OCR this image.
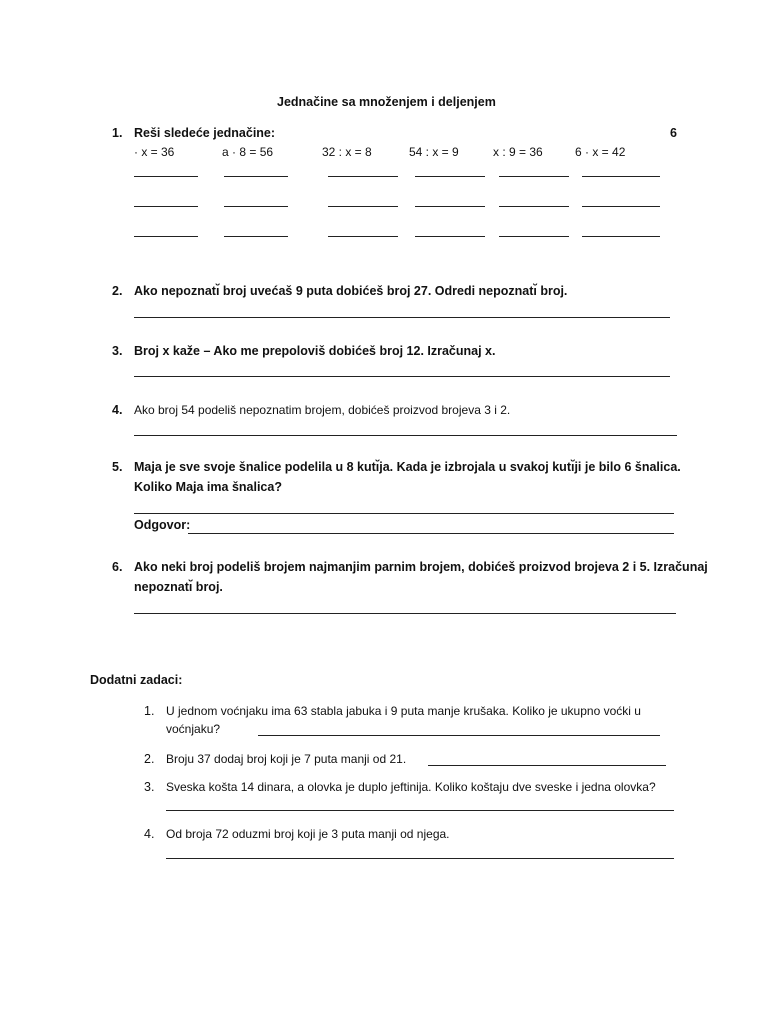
Jednačine sa množenjem i deljenjem
1. Reši sledeće jednačine:	6
· x = 36	a · 8 = 56	32 : x = 8	54 : x = 9	x : 9 = 36	6 · x = 42
2. Ako nepoznatı̆ broj uvećaš 9 puta dobićeš broj 27. Odredi nepoznatı̆ broj.
3. Broj x kaže – Ako me prepoloviš dobićeš broj 12. Izračunaj x.
4. Ako broj 54 podeliš nepoznatim brojem, dobićeš proizvod brojeva 3 i 2.
5. Maja je sve svoje šnalice podelila u 8 kutı̆ja. Kada je izbrojala u svakoj kutı̆ji je bilo 6 šnalica.
Koliko Maja ima šnalica?
Odgovor:
6. Ako neki broj podeliš brojem najmanjim parnim brojem, dobićeš proizvod brojeva 2 i 5. Izračunaj
nepoznatı̆ broj.
Dodatni zadaci:
1. U jednom voćnjaku ima 63 stabla jabuka i 9 puta manje krušaka. Koliko je ukupno voćki u
voćnjaku?
2. Broju 37 dodaj broj koji je 7 puta manji od 21.
3. Sveska košta 14 dinara, a olovka je duplo jeftinija. Koliko koštaju dve sveske i jedna olovka?
4. Od broja 72 oduzmi broj koji je 3 puta manji od njega.
